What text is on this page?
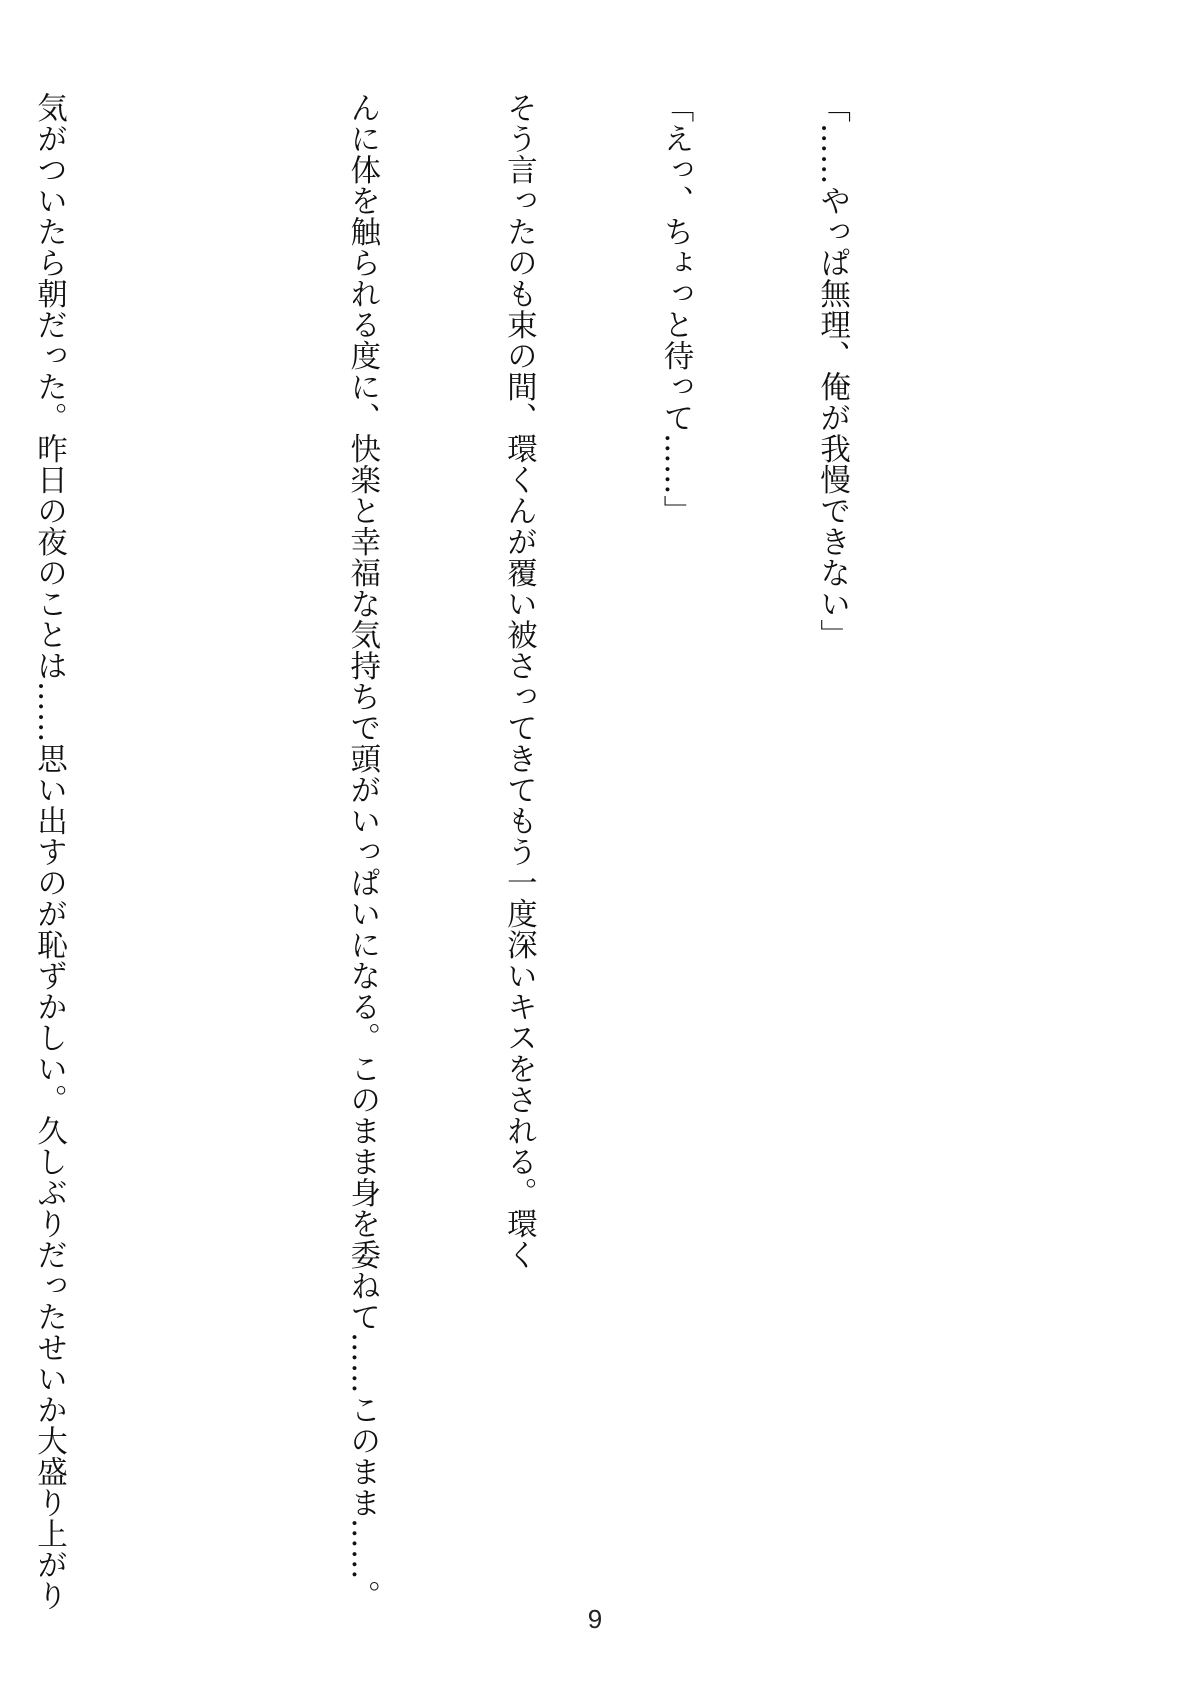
「……やっぱ無理、俺が我慢できない」

「えっ、ちょっと待って……」

そう言ったのも束の間、環くんが覆い被さってきてもう一度深いキスをされる。環く

んに体を触られる度に、快楽と幸福な気持ちで頭がいっぱいになる。このまま身を委ねて……このまま……。

気がついたら朝だった。昨日の夜のことは……思い出すのが恥ずかしい。久しぶりだったせいか大盛り上がり

9
